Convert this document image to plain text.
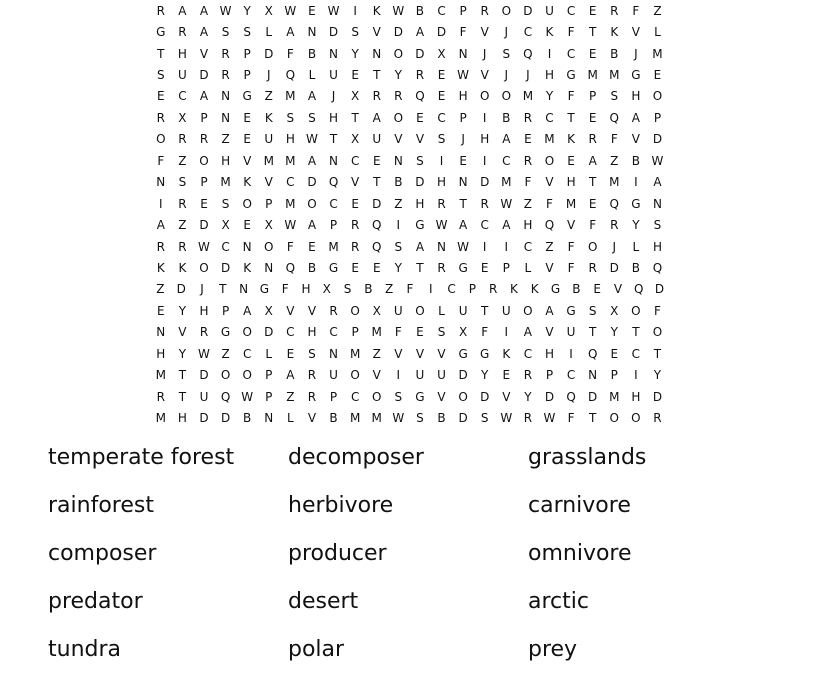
R	A	A W Y	X W E W	I	K W B	C	P	R	O	D	U	C	E	R	F	Z
G	R	A	S	S	L	A	N	D	S	V	D	A	D	F	V	J	C	K	F	T	K	V	L
T	H	V	R	P	D	F	B	N	Y	N	O	D	X	N	J	S	Q	I	C	E	B	J	M
S	U	D	R	P	J	Q	L	U	E	T	Y	R	E W V	J	J	H	G M M G	E
E	C	A	N	G	Z	M	A	J	X	R	R	Q	E	H	O	O M	Y	F	P	S	H	O
R	X	P	N	E	K	S	S	H	T	A	O	E	C	P	I	B	R	C	T	E	Q	A	P
O	R	R	Z	E	U	H W T	X	U	V	V	S	J	H	A	E	M	K	R	F	V	D
F	Z	O	H	V	M M	A	N	C	E	N	S	I	E	I	C	R	O	E	A	Z	B W
N	S	P	M	K	V	C	D	Q	V	T	B	D	H	N	D M	F	V	H	T	M	I	A
I	R	E	S	O	P	M O	C	E	D	Z	H	R	T	R W Z	F	M	E	Q	G	N
A	Z	D	X	E	X W A	P	R	Q	I	G W A	C	A	H	Q	V	F	R	Y	S
R	R W C	N	O	F	E	M	R	Q	S	A	N W	I	I	C	Z	F	O	J	L	H
K	K	O	D	K	N	Q	B	G	E	E	Y	T	R	G	E	P	L	V	F	R	D	B	Q
Z	D	J	T	N G	F	H	X	S	B	Z	F	I	C	P	R	K	K	G	B	E	V Q D
E	Y	H	P	A	X	V	V	R	O	X	U	O	L	U	T	U	O	A	G	S	X	O	F
N	V	R	G	O	D	C	H	C	P	M	F	E	S	X	F	I	A	V	U	T	Y	T	O
H	Y W Z	C	L	E	S	N M	Z	V	V	V	G	G	K	C	H	I	Q	E	C	T
M	T	D	O	O	P	A	R	U	O	V	I	U	U	D	Y	E	R	P	C	N	P	I	Y
R	T	U	Q W	P	Z	R	P	C	O	S	G	V	O	D	V	Y	D	Q	D M H	D
M H	D	D	B	N	L	V	B	M M W S	B	D	S W R W	F	T	O	O	R
temperate forest	decomposer	grasslands
rainforest	herbivore	carnivore
composer	producer	omnivore
predator	desert	arctic
tundra	polar	prey
